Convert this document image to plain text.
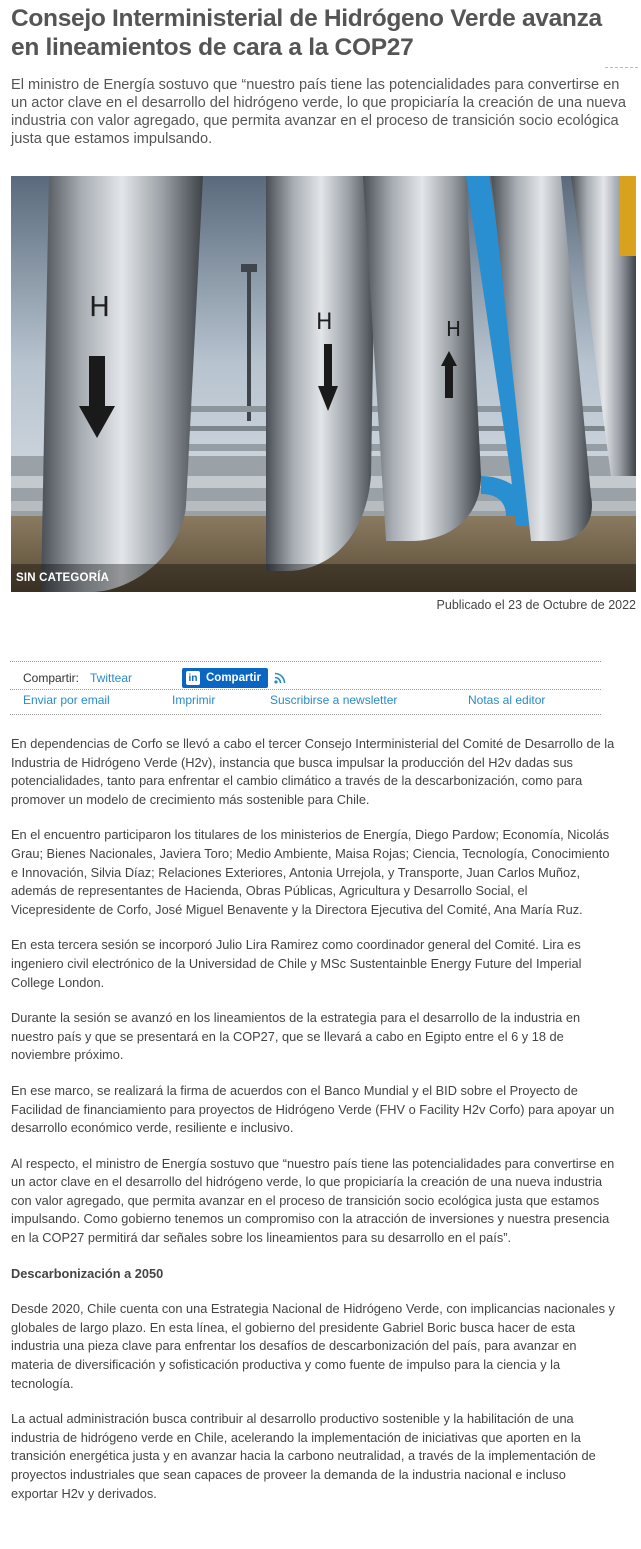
Consejo Interministerial de Hidrógeno Verde avanza en lineamientos de cara a la COP27

El ministro de Energía sostuvo que “nuestro país tiene las potencialidades para convertirse en un actor clave en el desarrollo del hidrógeno verde, lo que propiciaría la creación de una nueva industria con valor agregado, que permita avanzar en el proceso de transición socio ecológica justa que estamos impulsando.

H	H	H
SIN CATEGORÍA
Publicado el 23 de Octubre de 2022
Compartir: Twittear	in Compartir
Enviar por email	Imprimir	Suscribirse a newsletter	Notas al editor

En dependencias de Corfo se llevó a cabo el tercer Consejo Interministerial del Comité de Desarrollo de la Industria de Hidrógeno Verde (H2v), instancia que busca impulsar la producción del H2v dadas sus potencialidades, tanto para enfrentar el cambio climático a través de la descarbonización, como para promover un modelo de crecimiento más sostenible para Chile.

En el encuentro participaron los titulares de los ministerios de Energía, Diego Pardow; Economía, Nicolás Grau; Bienes Nacionales, Javiera Toro; Medio Ambiente, Maisa Rojas; Ciencia, Tecnología, Conocimiento e Innovación, Silvia Díaz; Relaciones Exteriores, Antonia Urrejola, y Transporte, Juan Carlos Muñoz, además de representantes de Hacienda, Obras Públicas, Agricultura y Desarrollo Social, el Vicepresidente de Corfo, José Miguel Benavente y la Directora Ejecutiva del Comité, Ana María Ruz.

En esta tercera sesión se incorporó Julio Lira Ramirez como coordinador general del Comité. Lira es ingeniero civil electrónico de la Universidad de Chile y MSc Sustentainble Energy Future del Imperial College London.

Durante la sesión se avanzó en los lineamientos de la estrategia para el desarrollo de la industria en nuestro país y que se presentará en la COP27, que se llevará a cabo en Egipto entre el 6 y 18 de noviembre próximo.

En ese marco, se realizará la firma de acuerdos con el Banco Mundial y el BID sobre el Proyecto de Facilidad de financiamiento para proyectos de Hidrógeno Verde (FHV o Facility H2v Corfo) para apoyar un desarrollo económico verde, resiliente e inclusivo.

Al respecto, el ministro de Energía sostuvo que “nuestro país tiene las potencialidades para convertirse en un actor clave en el desarrollo del hidrógeno verde, lo que propiciaría la creación de una nueva industria con valor agregado, que permita avanzar en el proceso de transición socio ecológica justa que estamos impulsando. Como gobierno tenemos un compromiso con la atracción de inversiones y nuestra presencia en la COP27 permitirá dar señales sobre los lineamientos para su desarrollo en el país”.

Descarbonización a 2050

Desde 2020, Chile cuenta con una Estrategia Nacional de Hidrógeno Verde, con implicancias nacionales y globales de largo plazo. En esta línea, el gobierno del presidente Gabriel Boric busca hacer de esta industria una pieza clave para enfrentar los desafíos de descarbonización del país, para avanzar en materia de diversificación y sofisticación productiva y como fuente de impulso para la ciencia y la tecnología.

La actual administración busca contribuir al desarrollo productivo sostenible y la habilitación de una industria de hidrógeno verde en Chile, acelerando la implementación de iniciativas que aporten en la transición energética justa y en avanzar hacia la carbono neutralidad, a través de la implementación de proyectos industriales que sean capaces de proveer la demanda de la industria nacional e incluso exportar H2v y derivados.
